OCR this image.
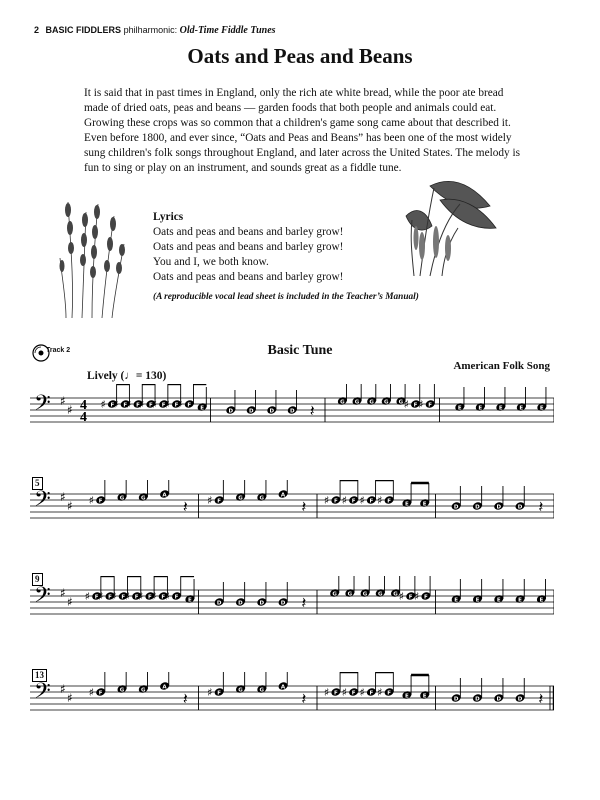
2 BASIC FIDDLERS philharmonic: Old-Time Fiddle Tunes
Oats and Peas and Beans

It is said that in past times in England, only the rich ate white bread, while the poor ate bread made of dried oats, peas and beans — garden foods that both people and animals could eat. Growing these crops was so common that a children's game song came about that described it. Even before 1800, and ever since, “Oats and Peas and Beans” has been one of the most widely sung children's folk songs throughout England, and later across the United States. The melody is fun to sing or play on an instrument, and sounds great as a fiddle tune.

Lyrics
Oats and peas and beans and barley grow!
Oats and peas and beans and barley grow!
You and I, we both know.
Oats and peas and beans and barley grow!
(A reproducible vocal lead sheet is included in the Teacher’s Manual)
Track 2	Basic Tune
American Folk Song
Lively (♩= 130)
5
9
13
𝄢 ♯
♯ 4
4
♯ F
♯ F
♯ F
♯ F
♯ F
♯ F
♯ F E	D	D	D	D 𝄽	G G G G G ♯ F ♯ F	E	E	E	E	E
𝄢 ♯
♯ ♯ F	G	G	A
𝄽 ♯ F	G	G	A
𝄽 ♯ F ♯ F ♯ F ♯ F	E	E	D	D	D	D 𝄽
𝄢 ♯
♯ ♯ F ♯ F ♯ F ♯ F ♯ F ♯ F ♯ F E	D	D	D	D 𝄽	G G G G G ♯ F ♯ F	E	E	E	E	E
𝄢 ♯
♯ ♯ F	G	G	A
𝄽 ♯ F	G	G	A
𝄽 ♯ F ♯ F ♯ F ♯ F	E	E	D	D	D	D 𝄽
